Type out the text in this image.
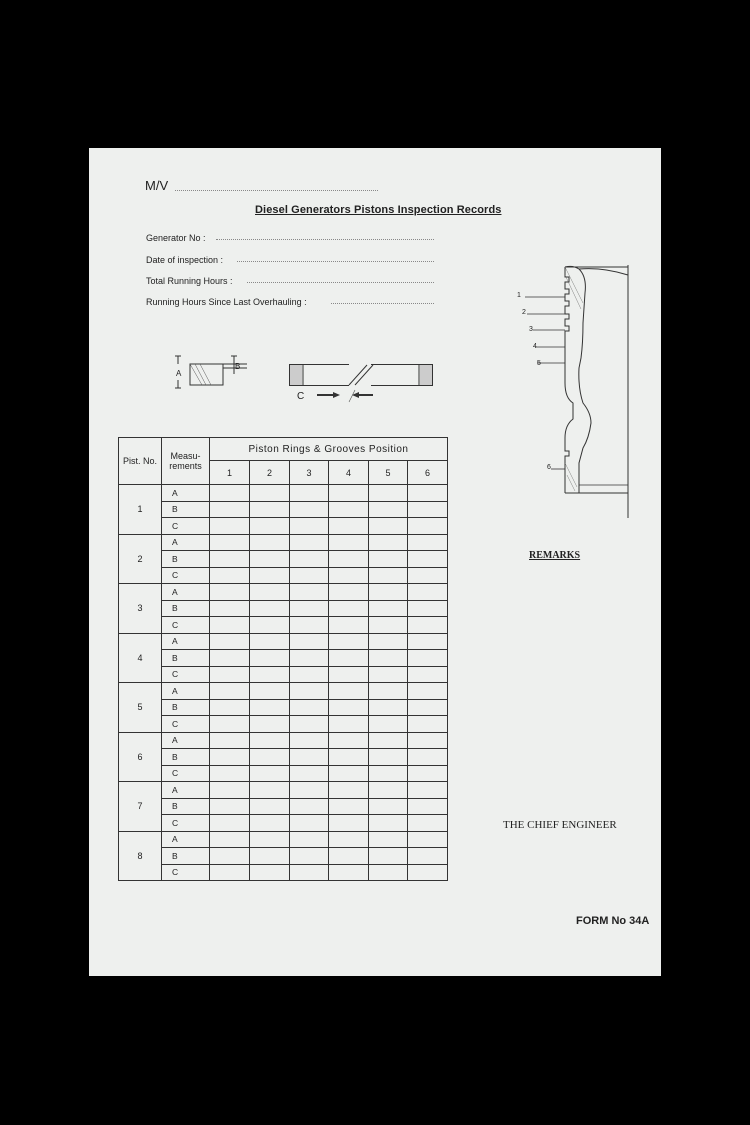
M/V
Diesel Generators Pistons Inspection Records
Generator No :
Date of inspection :
Total Running Hours :
Running Hours Since Last Overhauling :
A
B
C
1
2
3
4
5
6
Pist. No.	Measu- rements	Piston Rings & Grooves Position					
		1	2	3	4	5	6
1	A						
	B						
	C						
2	A						
	B						
	C						
3	A						
	B						
	C						
4	A						
	B						
	C						
5	A						
	B						
	C						
6	A						
	B						
	C						
7	A						
	B						
	C						
8	A						
	B						
	C						
REMARKS
THE CHIEF ENGINEER
FORM No 34A
